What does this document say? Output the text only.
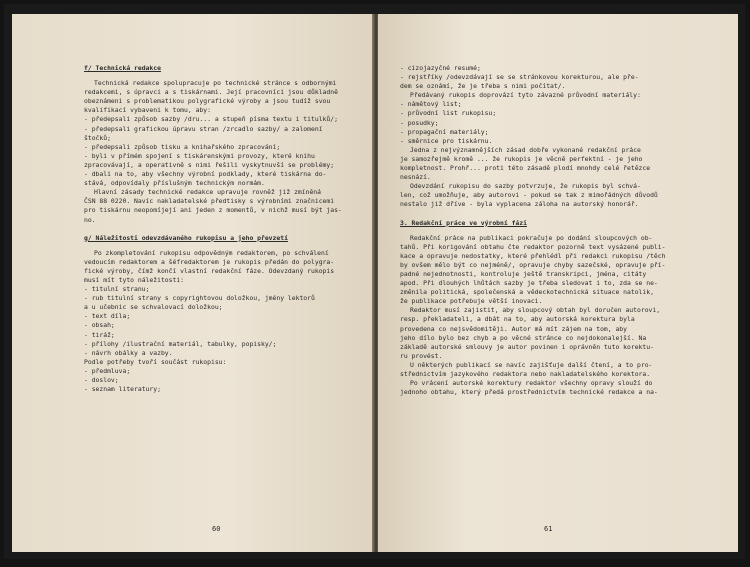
f/ Technická redakce

Technická redakce spolupracuje po technické stránce s odbornými

redakcemi, s úpravci a s tiskárnami. Její pracovníci jsou důkladně

obeznámeni s problematikou polygrafické výroby a jsou tudíž svou

kvalifikací vybaveni k tomu, aby:

- předepsali způsob sazby /dru... a stupeň písma textu i titulků/;

- předepsali grafickou úpravu stran /zrcadlo sazby/ a zalomení

štočků;

- předepsali způsob tisku a knihařského zpracování;

- byli v přímém spojení s tiskárenskými provozy, které knihu

zpracovávají, a operativně s nimi řešili vyskytnuvší se problémy;

- dbali na to, aby všechny výrobní podklady, které tiskárna do-

stává, odpovídaly příslušným technickým normám.

Hlavní zásady technické redakce upravuje rovněž již zmíněná

ČSN 88 0220. Navíc nakladatelské předtisky s výrobními značnicemi

pro tiskárnu neopomíjejí ani jeden z momentů, v nichž musí být jas-

no.

g/ Náležitosti odevzdávaného rukopisu a jeho převzetí

Po zkompletování rukopisu odpovědným redaktorem, po schválení

vedoucím redaktorem a šéfredaktorem je rukopis předán do polygra-

fické výroby, čímž končí vlastní redakční fáze. Odevzdaný rukopis

musí mít tyto náležitosti:

- titulní stranu;

- rub titulní strany s copyrightovou doložkou, jmény lektorů

a u učebnic se schvalovací doložkou;

- text díla;

- obsah;

- tiráž;

- přílohy /ilustrační materiál, tabulky, popisky/;

- návrh obálky a vazby.

Podle potřeby tvoří součást rukopisu:

- předmluva;

- doslov;

- seznam literatury;

60

- cizojazyčné resumé;

- rejstříky /odevzdávají se se stránkovou korekturou, ale pře-

dem se oznámí, že je třeba s nimi počítat/.

Předávaný rukopis doprovází tyto závazné průvodní materiály:

- námětový list;

- průvodní list rukopisu;

- posudky;

- propagační materiály;

- směrnice pro tiskárnu.

Jedna z nejvýznamnějších zásad dobře vykonané redakční práce

je samozřejmě kromě ... že rukopis je věcně perfektní - je jeho

kompletnost. Prohř... proti této zásadě plodí mnohdy celé řetězce

nesnází.

Odevzdání rukopisu do sazby potvrzuje, že rukopis byl schvá-

len, což umožňuje, aby autorovi - pokud se tak z mimořádných důvodů

nestalo již dříve - byla vyplacena záloha na autorský honorář.

3. Redakční práce ve výrobní fázi

Redakční práce na publikaci pokračuje po dodání sloupcových ob-

tahů. Při korigování obtahu čte redaktor pozorně text vysázené publi-

kace a opravuje nedostatky, které přehlédl při redakci rukopisu /těch

by ovšem mělo být co nejméně/, opravuje chyby sazečské, opravuje pří-

padné nejednotnosti, kontroluje ještě transkripci, jména, citáty

apod. Při dlouhých lhůtách sazby je třeba sledovat i to, zda se ne-

změnila politická, společenská a vědeckotechnická situace natolik,

že publikace potřebuje větší inovaci.

Redaktor musí zajistit, aby sloupcový obtah byl doručen autorovi,

resp. překladateli, a dbát na to, aby autorská korektura byla

provedena co nejsvědomitěji. Autor má mít zájem na tom, aby

jeho dílo bylo bez chyb a po věcné stránce co nejdokonalejší. Na

základě autorské smlouvy je autor povinen i oprávněn tuto korektu-

ru provést.

U některých publikací se navíc zajišťuje další čtení, a to pro-

střednictvím jazykového redaktora nebo nakladatelského korektora.

Po vrácení autorské korektury redaktor všechny opravy slouží do

jednoho obtahu, který předá prostřednictvím technické redakce a na-

61
